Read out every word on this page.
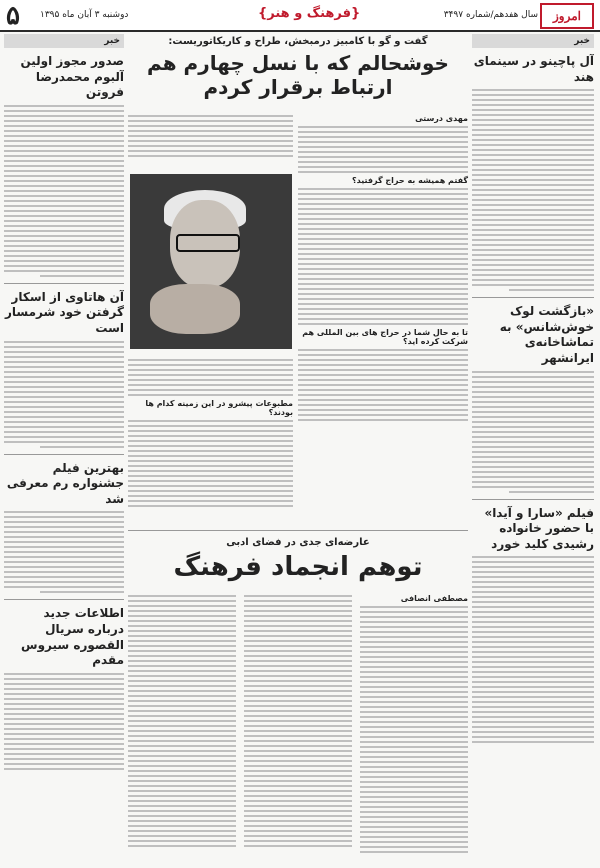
امروز
سال هفدهم/شماره ۳۴۹۷
{فرهنگ و هنر}
دوشنبه ۳ آبان ماه ۱۳۹۵
۵
خبر
آل پاچینو در سینمای هند
«بازگشت لوک خوش‌شانس» به تماشاخانه‌ی ایرانشهر
فیلم «سارا و آیدا» با حضور خانواده رشیدی کلید خورد
خبر
صدور مجوز اولین آلبوم محمدرضا فروتن
آن هاتاوی از اسکار گرفتن خود شرمسار است
بهترین فیلم جشنواره رم معرفی شد
اطلاعات جدید درباره سریال القصوره سیروس مقدم
گفت و گو با کامبیز درمبخش، طراح و کاریکاتوریست:
خوشحالم که با نسل چهارم هم ارتباط برقرار کردم
مهدی درستی
گفتم همیشه به حراج گرفتید؟
تا به حال شما در حراج های بین المللی هم شرکت کرده اید؟
مطبوعات پیشرو در این زمینه کدام ها بودند؟
عارضه‌ای جدی در فضای ادبی
توهم انجماد فرهنگ
مصطفی انصافی
